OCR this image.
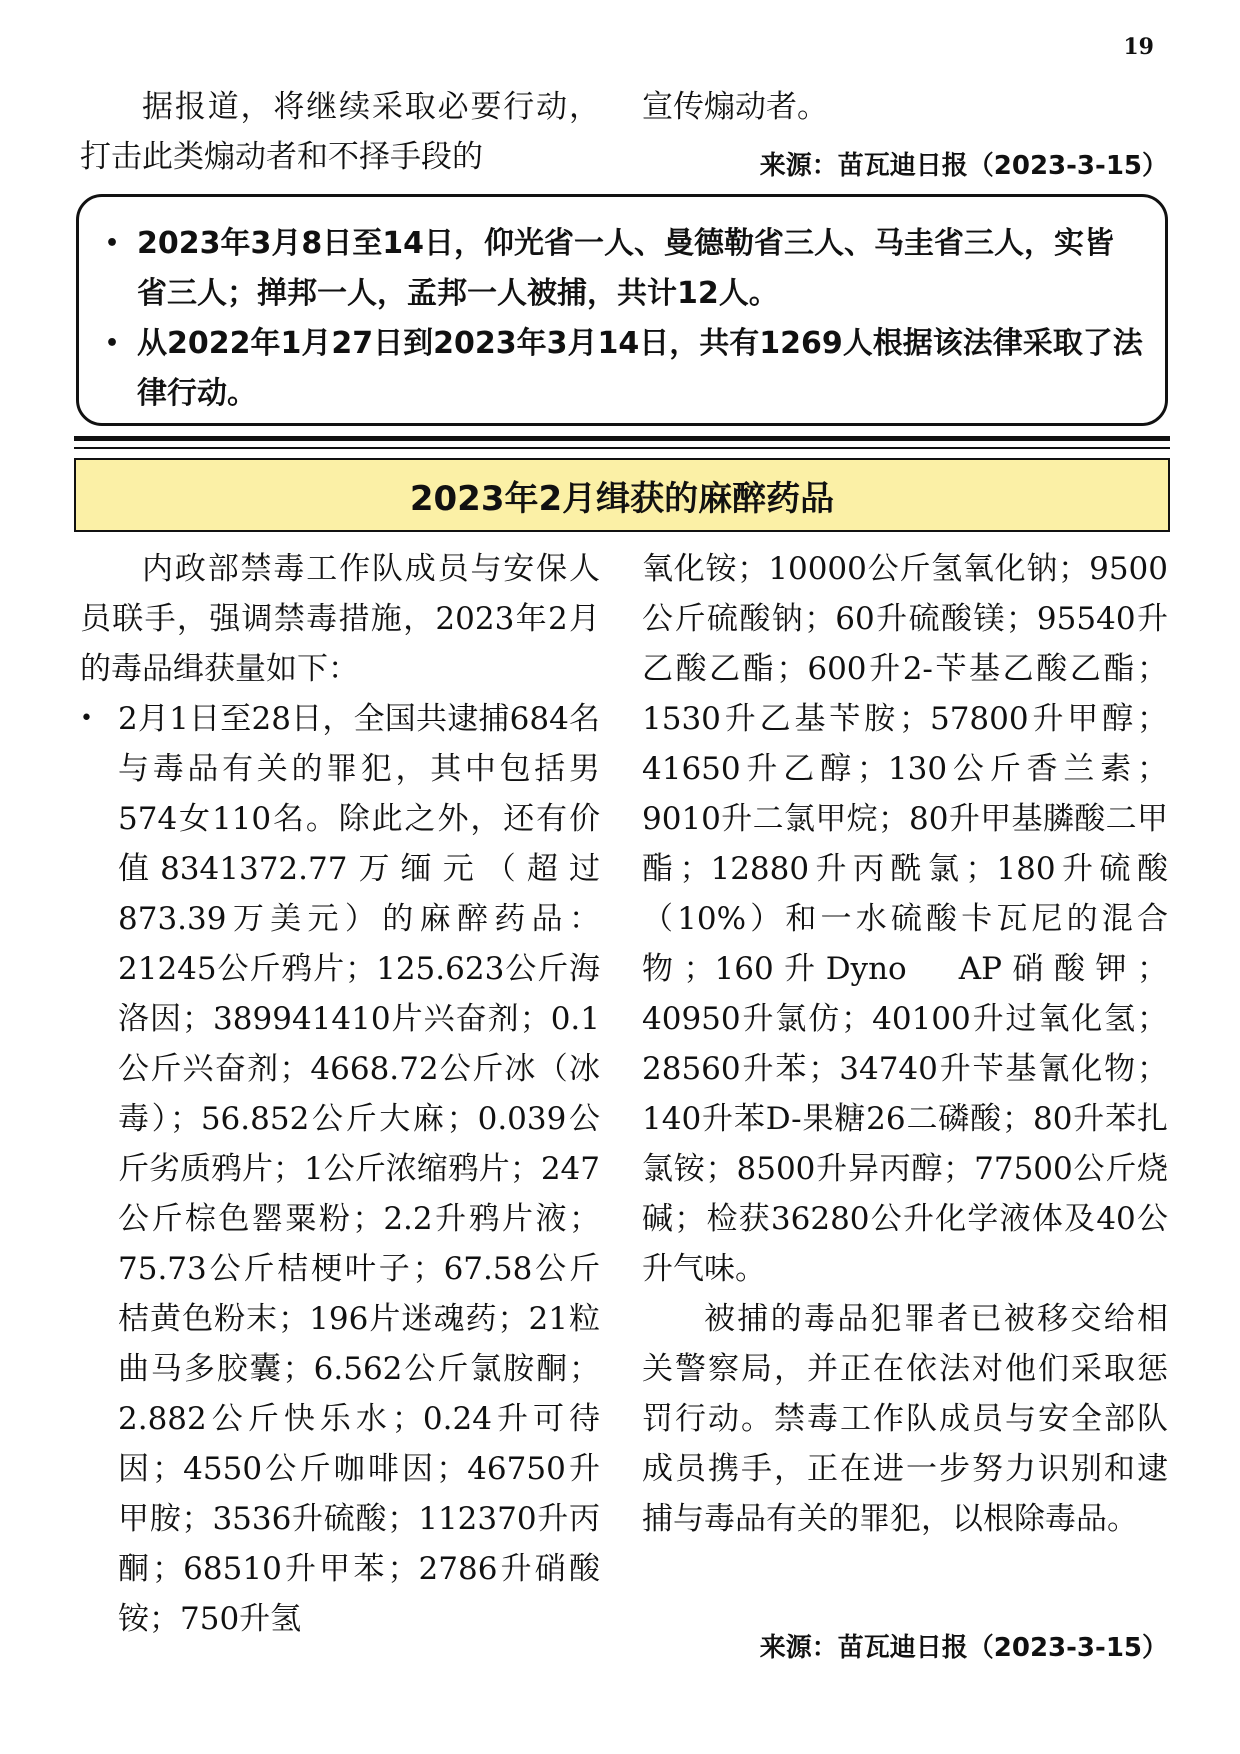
19

据报道，将继续采取必要行动，打击此类煽动者和不择手段的

宣传煽动者。

来源：苗瓦迪日报（2023-3-15）
• 2023年3月8日至14日，仰光省一人、曼德勒省三人、马圭省三人，实皆省三人；掸邦一人，孟邦一人被捕，共计12人。
• 从2022年1月27日到2023年3月14日，共有1269人根据该法律采取了法律行动。
2023年2月缉获的麻醉药品

内政部禁毒工作队成员与安保人员联手，强调禁毒措施，2023年2月的毒品缉获量如下：

• 2月1日至28日，全国共逮捕684名与毒品有关的罪犯，其中包括男574女110名。除此之外，还有价值8341372.77万缅元（超过873.39万美元）的麻醉药品：21245公斤鸦片；125.623公斤海洛因；389941410片兴奋剂；0.1公斤兴奋剂；4668.72公斤冰（冰毒）；56.852公斤大麻；0.039公斤劣质鸦片；1公斤浓缩鸦片；247公斤棕色罂粟粉；2.2升鸦片液；75.73公斤桔梗叶子；67.58公斤桔黄色粉末；196片迷魂药；21粒曲马多胶囊；6.562公斤氯胺酮；2.882公斤快乐水；0.24升可待因；4550公斤咖啡因；46750升甲胺；3536升硫酸；112370升丙酮；68510升甲苯；2786升硝酸铵；750升氢

氧化铵；10000公斤氢氧化钠；9500公斤硫酸钠；60升硫酸镁；95540升乙酸乙酯；600升2-苄基乙酸乙酯；1530升乙基苄胺；57800升甲醇；41650升乙醇；130公斤香兰素；9010升二氯甲烷；80升甲基膦酸二甲酯；12880升丙酰氯；180升硫酸（10%）和一水硫酸卡瓦尼的混合物；160升Dyno　AP硝酸钾；40950升氯仿；40100升过氧化氢；28560升苯；34740升苄基氰化物；140升苯D-果糖26二磷酸；80升苯扎氯铵；8500升异丙醇；77500公斤烧碱；检获36280公升化学液体及40公升气味。

被捕的毒品犯罪者已被移交给相关警察局，并正在依法对他们采取惩罚行动。禁毒工作队成员与安全部队成员携手，正在进一步努力识别和逮捕与毒品有关的罪犯，以根除毒品。

来源：苗瓦迪日报（2023-3-15）
